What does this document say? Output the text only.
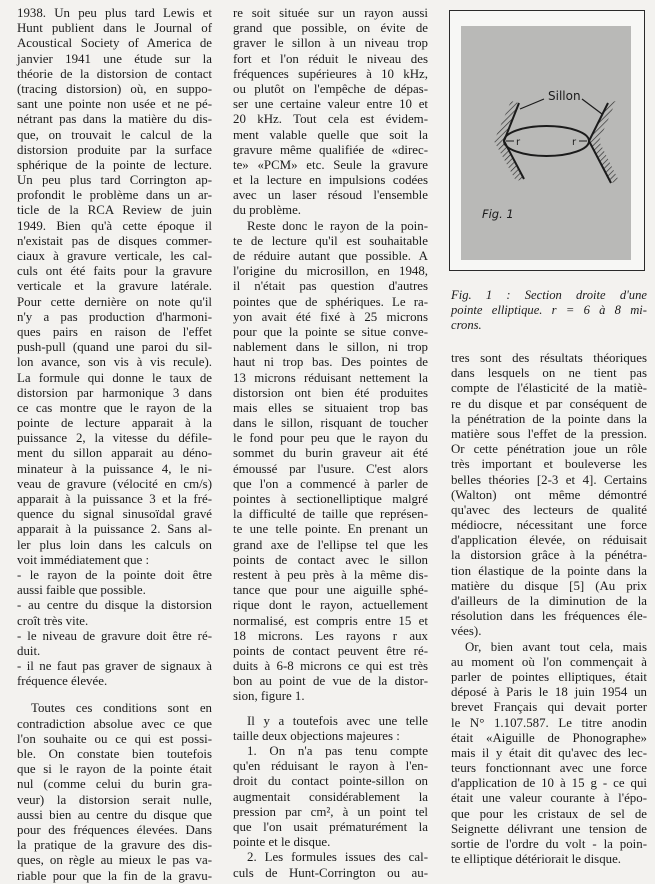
1938. Un peu plus tard Lewis et
Hunt publient dans le Journal of
Acoustical Society of America de
janvier 1941 une étude sur la
théorie de la distorsion de contact
(tracing distorsion) où, en suppo-
sant une pointe non usée et ne pé-
nétrant pas dans la matière du dis-
que, on trouvait le calcul de la
distorsion produite par la surface
sphérique de la pointe de lecture.
Un peu plus tard Corrington ap-
profondit le problème dans un ar-
ticle de la RCA Review de juin
1949. Bien qu'à cette époque il
n'existait pas de disques commer-
ciaux à gravure verticale, les cal-
culs ont été faits pour la gravure
verticale et la gravure latérale.
Pour cette dernière on note qu'il
n'y a pas production d'harmoni-
ques pairs en raison de l'effet
push-pull (quand une paroi du sil-
lon avance, son vis à vis recule).
La formule qui donne le taux de
distorsion par harmonique 3 dans
ce cas montre que le rayon de la
pointe de lecture apparait à la
puissance 2, la vitesse du défile-
ment du sillon apparait au déno-
minateur à la puissance 4, le ni-
veau de gravure (vélocité en cm/s)
apparait à la puissance 3 et la fré-
quence du signal sinusoïdal gravé
apparait à la puissance 2. Sans al-
ler plus loin dans les calculs on
voit immédiatement que :
- le rayon de la pointe doit être
aussi faible que possible.
- au centre du disque la distorsion
croît très vite.
- le niveau de gravure doit être ré-
duit.
- il ne faut pas graver de signaux à
fréquence élevée.
Toutes ces conditions sont en
contradiction absolue avec ce que
l'on souhaite ou ce qui est possi-
ble. On constate bien toutefois
que si le rayon de la pointe était
nul (comme celui du burin gra-
veur) la distorsion serait nulle,
aussi bien au centre du disque que
pour des fréquences élevées. Dans
la pratique de la gravure des dis-
ques, on règle au mieux le pas va-
riable pour que la fin de la gravu-
re soit située sur un rayon aussi
grand que possible, on évite de
graver le sillon à un niveau trop
fort et l'on réduit le niveau des
fréquences supérieures à 10 kHz,
ou plutôt on l'empêche de dépas-
ser une certaine valeur entre 10 et
20 kHz. Tout cela est évidem-
ment valable quelle que soit la
gravure même qualifiée de «direc-
te» «PCM» etc. Seule la gravure
et la lecture en impulsions codées
avec un laser résoud l'ensemble
du problème.
Reste donc le rayon de la poin-
te de lecture qu'il est souhaitable
de réduire autant que possible. A
l'origine du microsillon, en 1948,
il n'était pas question d'autres
pointes que de sphériques. Le ra-
yon avait été fixé à 25 microns
pour que la pointe se situe conve-
nablement dans le sillon, ni trop
haut ni trop bas. Des pointes de
13 microns réduisant nettement la
distorsion ont bien été produites
mais elles se situaient trop bas
dans le sillon, risquant de toucher
le fond pour peu que le rayon du
sommet du burin graveur ait été
émoussé par l'usure. C'est alors
que l'on a commencé à parler de
pointes à sectionelliptique malgré
la difficulté de taille que représen-
te une telle pointe. En prenant un
grand axe de l'ellipse tel que les
points de contact avec le sillon
restent à peu près à la même dis-
tance que pour une aiguille sphé-
rique dont le rayon, actuellement
normalisé, est compris entre 15 et
18 microns. Les rayons r aux
points de contact peuvent être ré-
duits à 6-8 microns ce qui est très
bon au point de vue de la distor-
sion, figure 1.
Il y a toutefois avec une telle
taille deux objections majeures :
1. On n'a pas tenu compte
qu'en réduisant le rayon à l'en-
droit du contact pointe-sillon on
augmentait considérablement la
pression par cm², à un point tel
que l'on usait prématurément la
pointe et le disque.
2. Les formules issues des cal-
culs de Hunt-Corrington ou au-
tres sont des résultats théoriques
dans lesquels on ne tient pas
compte de l'élasticité de la matiè-
re du disque et par conséquent de
la pénétration de la pointe dans la
matière sous l'effet de la pression.
Or cette pénétration joue un rôle
très important et bouleverse les
belles théories [2-3 et 4]. Certains
(Walton) ont même démontré
qu'avec des lecteurs de qualité
médiocre, nécessitant une force
d'application élevée, on réduisait
la distorsion grâce à la pénétra-
tion élastique de la pointe dans la
matière du disque [5] (Au prix
d'ailleurs de la diminution de la
résolution dans les fréquences éle-
vées).
Or, bien avant tout cela, mais
au moment où l'on commençait à
parler de pointes elliptiques, était
déposé à Paris le 18 juin 1954 un
brevet Français qui devait porter
le N° 1.107.587. Le titre anodin
était «Aiguille de Phonographe»
mais il y était dit qu'avec des lec-
teurs fonctionnant avec une force
d'application de 10 à 15 g - ce qui
était une valeur courante à l'épo-
que pour les cristaux de sel de
Seignette délivrant une tension de
sortie de l'ordre du volt - la poin-
te elliptique détériorait le disque.
Sillon
r	r
Fig. 1
Fig. 1 : Section droite d'une
pointe elliptique. r = 6 à 8 mi-
crons.
